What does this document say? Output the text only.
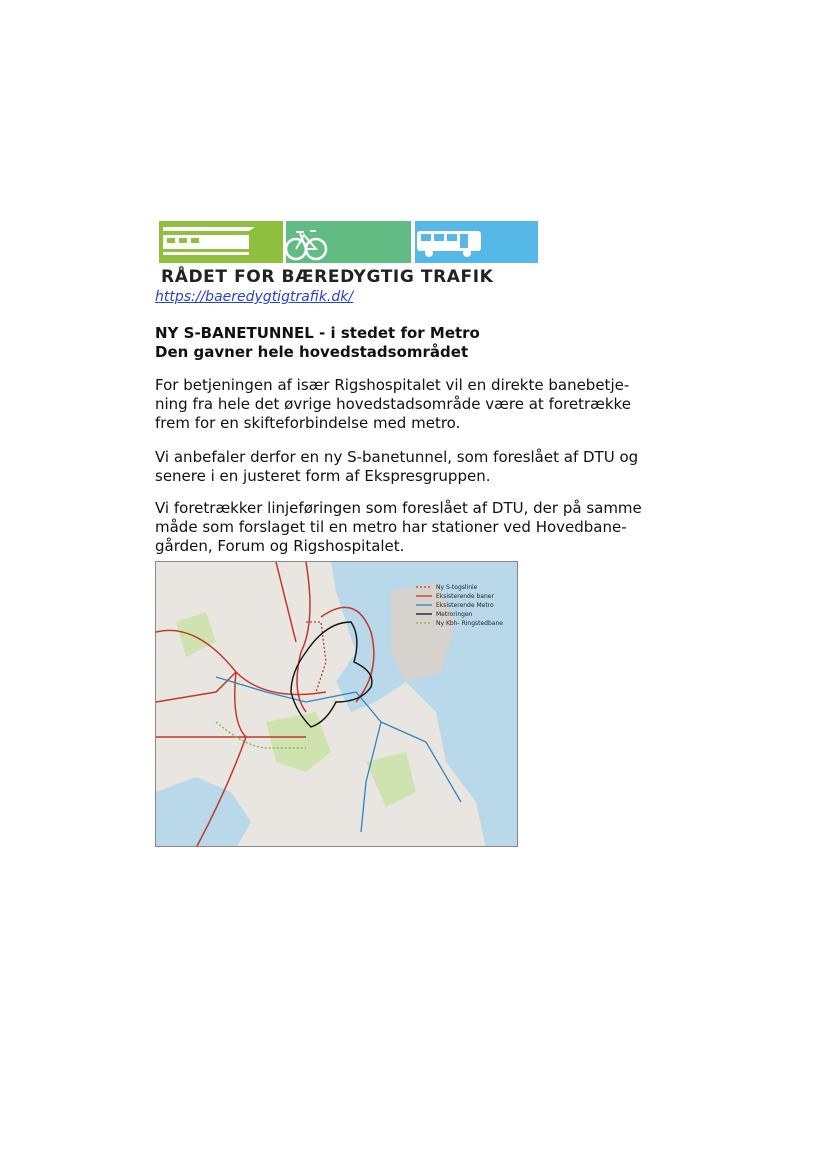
RÅDET FOR BÆREDYGTIG TRAFIK
https://baeredygtigtrafik.dk/
NY S-BANETUNNEL - i stedet for Metro
Den gavner hele hovedstadsområdet
For betjeningen af især Rigshospitalet vil en direkte banebetje-
ning fra hele det øvrige hovedstadsområde være at foretrække
frem for en skifteforbindelse med metro.
Vi anbefaler derfor en ny S-banetunnel, som foreslået af DTU og
senere i en justeret form af Ekspresgruppen.
Vi foretrækker linjeføringen som foreslået af DTU, der på samme
måde som forslaget til en metro har stationer ved Hovedbane-
gården, Forum og Rigshospitalet.
Ny S-togslinie
Eksisterende baner
Eksisterende Metro
Metroringen
Ny Kbh- Ringstedbane
